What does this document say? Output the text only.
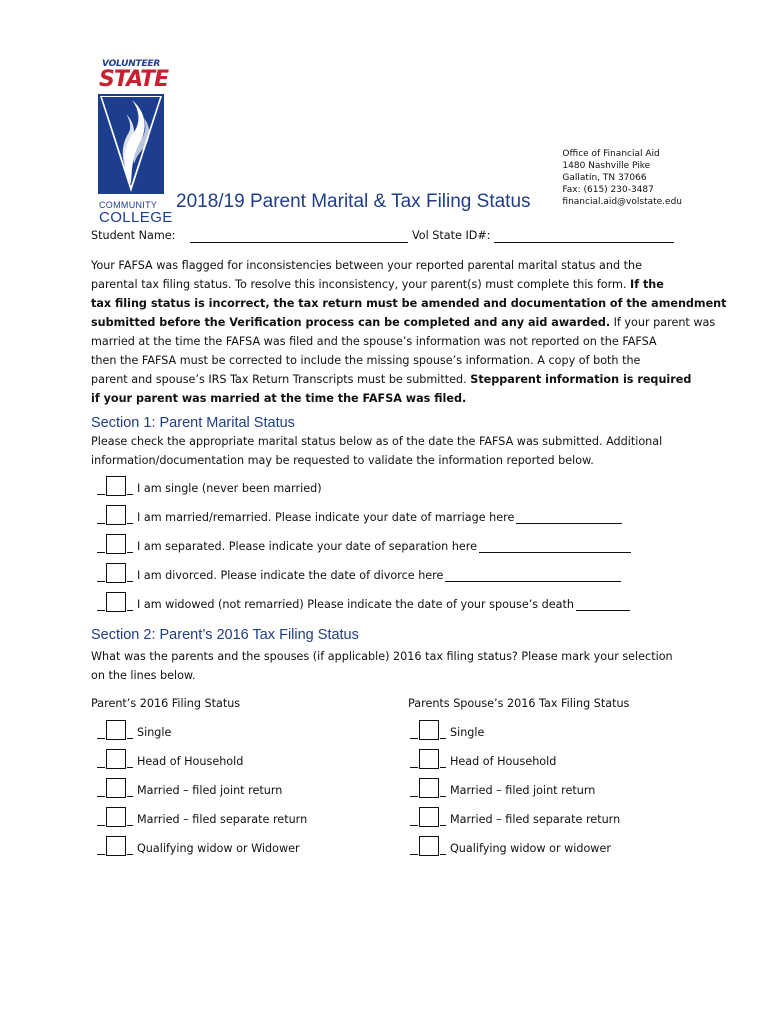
VOLUNTEER
STATE
COMMUNITY
COLLEGE
Office of Financial Aid
1480 Nashville Pike
Gallatin, TN 37066
Fax: (615) 230-3487
financial.aid@volstate.edu
2018/19 Parent Marital & Tax Filing Status
Student Name:	Vol State ID#:
Your FAFSA was flagged for inconsistencies between your reported parental marital status and the
parental tax filing status. To resolve this inconsistency, your parent(s) must complete this form. If the
tax filing status is incorrect, the tax return must be amended and documentation of the amendment
submitted before the Verification process can be completed and any aid awarded. If your parent was
married at the time the FAFSA was filed and the spouse’s information was not reported on the FAFSA
then the FAFSA must be corrected to include the missing spouse’s information. A copy of both the
parent and spouse’s IRS Tax Return Transcripts must be submitted. Stepparent information is required
if your parent was married at the time the FAFSA was filed.
Section 1: Parent Marital Status
Please check the appropriate marital status below as of the date the FAFSA was submitted. Additional
information/documentation may be requested to validate the information reported below.
I am single (never been married)
I am married/remarried. Please indicate your date of marriage here
I am separated. Please indicate your date of separation here
I am divorced. Please indicate the date of divorce here
I am widowed (not remarried) Please indicate the date of your spouse’s death
Section 2: Parent’s 2016 Tax Filing Status
What was the parents and the spouses (if applicable) 2016 tax filing status? Please mark your selection
on the lines below.
Parent’s 2016 Filing Status	Parents Spouse’s 2016 Tax Filing Status
Single
Head of Household
Married – filed joint return
Married – filed separate return
Qualifying widow or Widower
Single
Head of Household
Married – filed joint return
Married – filed separate return
Qualifying widow or widower
